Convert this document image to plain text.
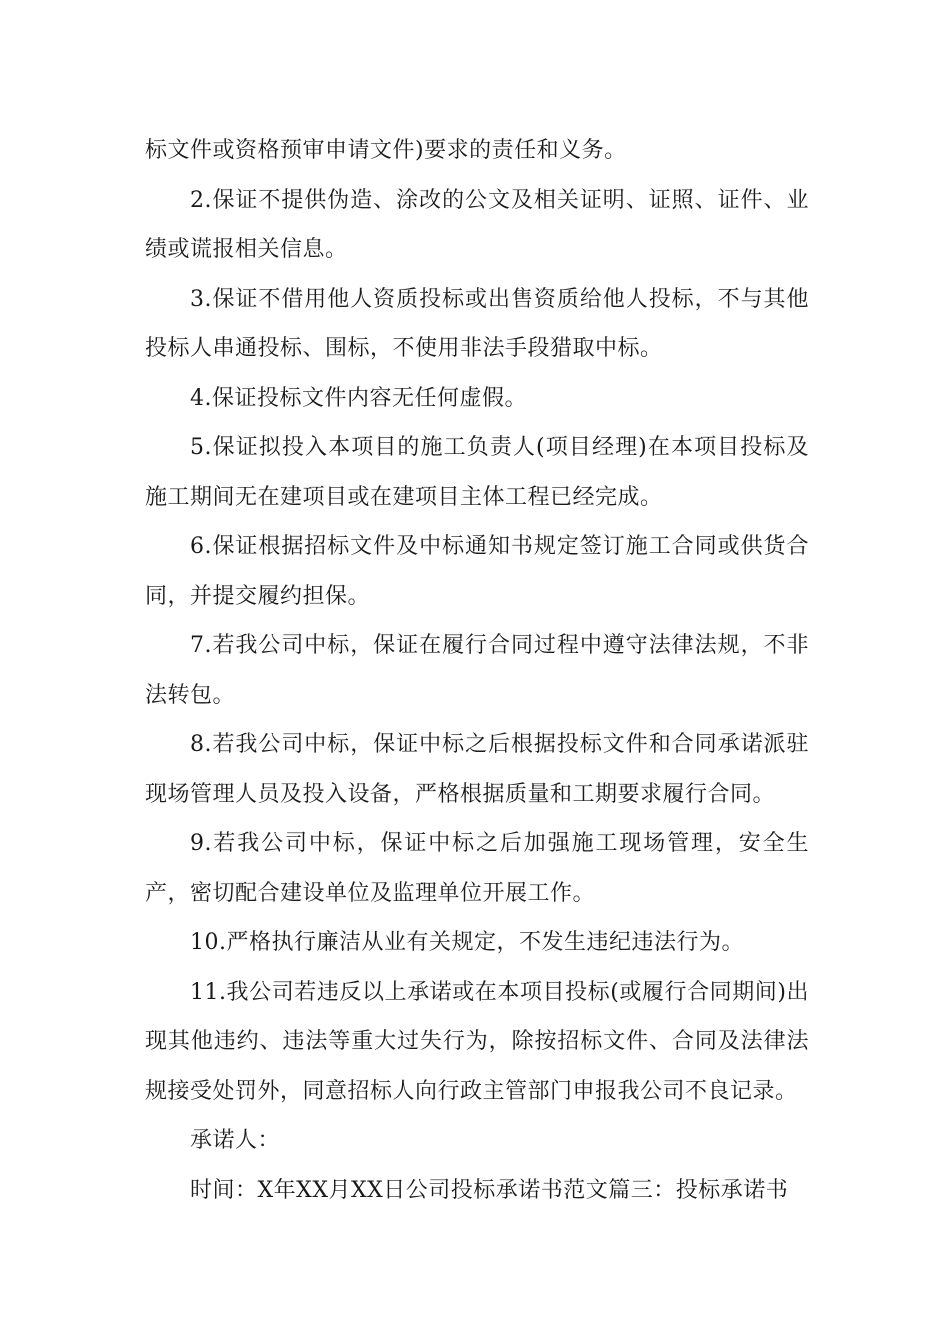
标文件或资格预审申请文件)要求的责任和义务。

2.保证不提供伪造、涂改的公文及相关证明、证照、证件、业绩或谎报相关信息。

3.保证不借用他人资质投标或出售资质给他人投标，不与其他投标人串通投标、围标，不使用非法手段猎取中标。

4.保证投标文件内容无任何虚假。

5.保证拟投入本项目的施工负责人(项目经理)在本项目投标及施工期间无在建项目或在建项目主体工程已经完成。

6.保证根据招标文件及中标通知书规定签订施工合同或供货合同，并提交履约担保。

7.若我公司中标，保证在履行合同过程中遵守法律法规，不非法转包。

8.若我公司中标，保证中标之后根据投标文件和合同承诺派驻现场管理人员及投入设备，严格根据质量和工期要求履行合同。

9.若我公司中标，保证中标之后加强施工现场管理，安全生产，密切配合建设单位及监理单位开展工作。

10.严格执行廉洁从业有关规定，不发生违纪违法行为。

11.我公司若违反以上承诺或在本项目投标(或履行合同期间)出现其他违约、违法等重大过失行为，除按招标文件、合同及法律法规接受处罚外，同意招标人向行政主管部门申报我公司不良记录。

承诺人：

时间：X年XX月XX日公司投标承诺书范文篇三：投标承诺书
